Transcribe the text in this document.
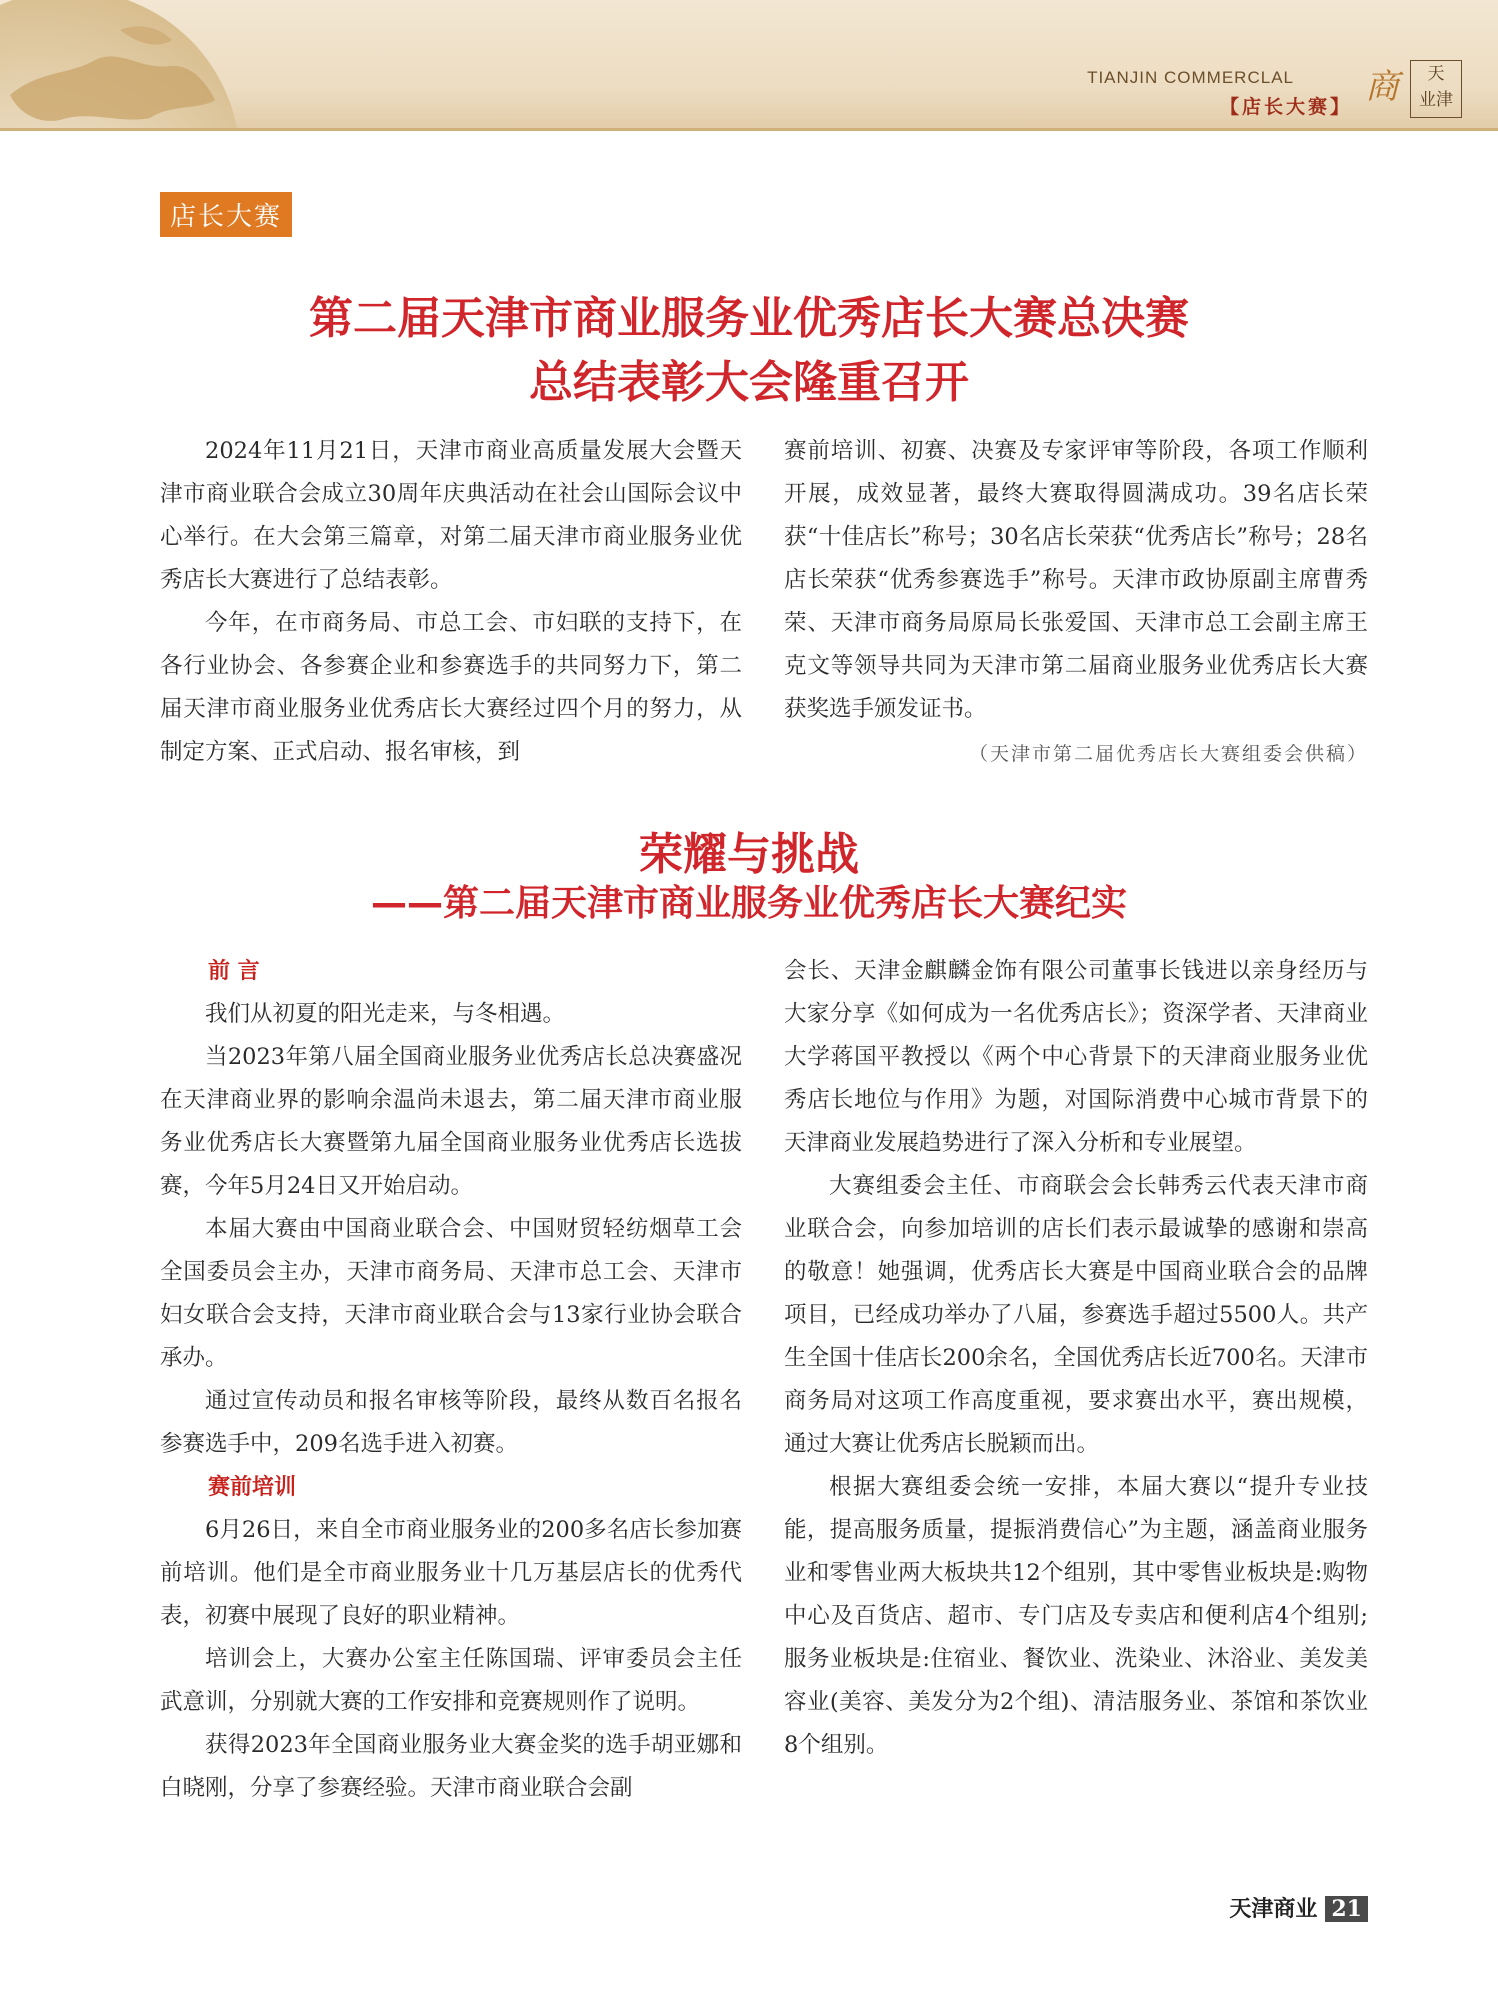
TIANJIN COMMERCLAL
【店长大赛】 商	天
业津
店长大赛
第二届天津市商业服务业优秀店长大赛总决赛
总结表彰大会隆重召开

2024年11月21日，天津市商业高质量发展大会暨天津市商业联合会成立30周年庆典活动在社会山国际会议中心举行。在大会第三篇章，对第二届天津市商业服务业优秀店长大赛进行了总结表彰。

今年，在市商务局、市总工会、市妇联的支持下，在各行业协会、各参赛企业和参赛选手的共同努力下，第二届天津市商业服务业优秀店长大赛经过四个月的努力，从制定方案、正式启动、报名审核，到

赛前培训、初赛、决赛及专家评审等阶段，各项工作顺利开展，成效显著，最终大赛取得圆满成功。39名店长荣获“十佳店长”称号；30名店长荣获“优秀店长”称号；28名店长荣获“优秀参赛选手”称号。天津市政协原副主席曹秀荣、天津市商务局原局长张爱国、天津市总工会副主席王克文等领导共同为天津市第二届商业服务业优秀店长大赛获奖选手颁发证书。

（天津市第二届优秀店长大赛组委会供稿）
荣耀与挑战
——第二届天津市商业服务业优秀店长大赛纪实
前 言

我们从初夏的阳光走来，与冬相遇。

当2023年第八届全国商业服务业优秀店长总决赛盛况在天津商业界的影响余温尚未退去，第二届天津市商业服务业优秀店长大赛暨第九届全国商业服务业优秀店长选拔赛，今年5月24日又开始启动。

本届大赛由中国商业联合会、中国财贸轻纺烟草工会全国委员会主办，天津市商务局、天津市总工会、天津市妇女联合会支持，天津市商业联合会与13家行业协会联合承办。

通过宣传动员和报名审核等阶段，最终从数百名报名参赛选手中，209名选手进入初赛。

赛前培训

6月26日，来自全市商业服务业的200多名店长参加赛前培训。他们是全市商业服务业十几万基层店长的优秀代表，初赛中展现了良好的职业精神。

培训会上，大赛办公室主任陈国瑞、评审委员会主任武意训，分别就大赛的工作安排和竞赛规则作了说明。

获得2023年全国商业服务业大赛金奖的选手胡亚娜和白晓刚，分享了参赛经验。天津市商业联合会副

会长、天津金麒麟金饰有限公司董事长钱进以亲身经历与大家分享《如何成为一名优秀店长》；资深学者、天津商业大学蒋国平教授以《两个中心背景下的天津商业服务业优秀店长地位与作用》为题，对国际消费中心城市背景下的天津商业发展趋势进行了深入分析和专业展望。

大赛组委会主任、市商联会会长韩秀云代表天津市商业联合会，向参加培训的店长们表示最诚挚的感谢和崇高的敬意！她强调，优秀店长大赛是中国商业联合会的品牌项目，已经成功举办了八届，参赛选手超过5500人。共产生全国十佳店长200余名，全国优秀店长近700名。天津市商务局对这项工作高度重视，要求赛出水平，赛出规模，通过大赛让优秀店长脱颖而出。

根据大赛组委会统一安排，本届大赛以“提升专业技能，提高服务质量，提振消费信心”为主题，涵盖商业服务业和零售业两大板块共12个组别，其中零售业板块是:购物中心及百货店、超市、专门店及专卖店和便利店4个组别;服务业板块是:住宿业、餐饮业、洗染业、沐浴业、美发美容业(美容、美发分为2个组)、清洁服务业、茶馆和茶饮业8个组别。

天津商业 21
